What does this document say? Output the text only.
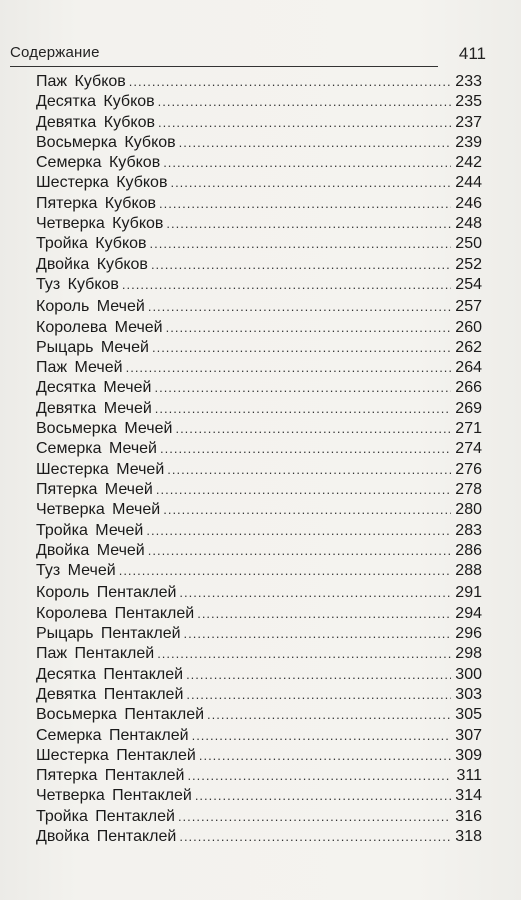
Содержание	411
Паж Кубков .....	233
Десятка Кубков .....	235
Девятка Кубков .....	237
Восьмерка Кубков .....	239
Семерка Кубков .....	242
Шестерка Кубков .....	244
Пятерка Кубков .....	246
Четверка Кубков .....	248
Тройка Кубков .....	250
Двойка Кубков .....	252
Туз Кубков .....	254
Король Мечей .....	257
Королева Мечей .....	260
Рыцарь Мечей .....	262
Паж Мечей .....	264
Десятка Мечей .....	266
Девятка Мечей .....	269
Восьмерка Мечей .....	271
Семерка Мечей .....	274
Шестерка Мечей .....	276
Пятерка Мечей .....	278
Четверка Мечей .....	280
Тройка Мечей .....	283
Двойка Мечей .....	286
Туз Мечей .....	288
Король Пентаклей .....	291
Королева Пентаклей .....	294
Рыцарь Пентаклей .....	296
Паж Пентаклей .....	298
Десятка Пентаклей .....	300
Девятка Пентаклей .....	303
Восьмерка Пентаклей .....	305
Семерка Пентаклей .....	307
Шестерка Пентаклей .....	309
Пятерка Пентаклей .....	311
Четверка Пентаклей .....	314
Тройка Пентаклей .....	316
Двойка Пентаклей .....	318
